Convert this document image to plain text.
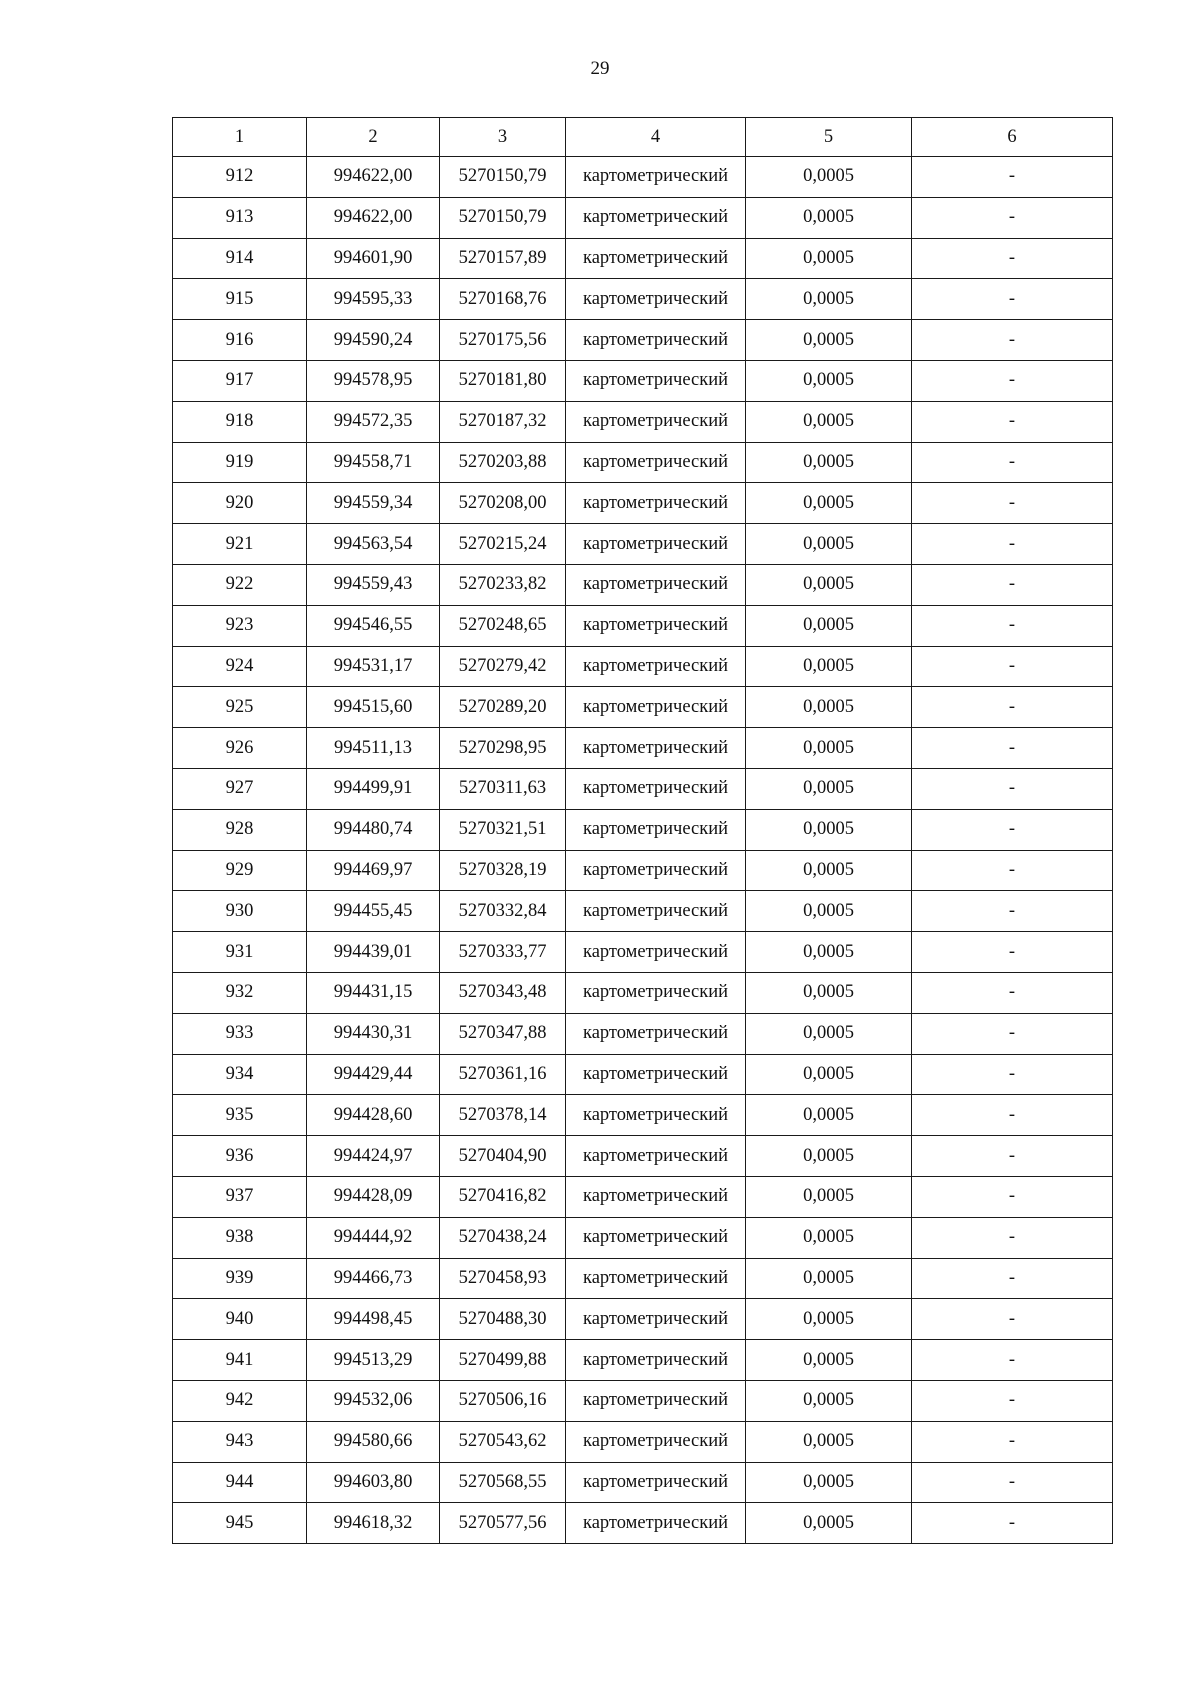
29
1	2	3	4	5	6
912	994622,00	5270150,79	картометрический	0,0005	-
913	994622,00	5270150,79	картометрический	0,0005	-
914	994601,90	5270157,89	картометрический	0,0005	-
915	994595,33	5270168,76	картометрический	0,0005	-
916	994590,24	5270175,56	картометрический	0,0005	-
917	994578,95	5270181,80	картометрический	0,0005	-
918	994572,35	5270187,32	картометрический	0,0005	-
919	994558,71	5270203,88	картометрический	0,0005	-
920	994559,34	5270208,00	картометрический	0,0005	-
921	994563,54	5270215,24	картометрический	0,0005	-
922	994559,43	5270233,82	картометрический	0,0005	-
923	994546,55	5270248,65	картометрический	0,0005	-
924	994531,17	5270279,42	картометрический	0,0005	-
925	994515,60	5270289,20	картометрический	0,0005	-
926	994511,13	5270298,95	картометрический	0,0005	-
927	994499,91	5270311,63	картометрический	0,0005	-
928	994480,74	5270321,51	картометрический	0,0005	-
929	994469,97	5270328,19	картометрический	0,0005	-
930	994455,45	5270332,84	картометрический	0,0005	-
931	994439,01	5270333,77	картометрический	0,0005	-
932	994431,15	5270343,48	картометрический	0,0005	-
933	994430,31	5270347,88	картометрический	0,0005	-
934	994429,44	5270361,16	картометрический	0,0005	-
935	994428,60	5270378,14	картометрический	0,0005	-
936	994424,97	5270404,90	картометрический	0,0005	-
937	994428,09	5270416,82	картометрический	0,0005	-
938	994444,92	5270438,24	картометрический	0,0005	-
939	994466,73	5270458,93	картометрический	0,0005	-
940	994498,45	5270488,30	картометрический	0,0005	-
941	994513,29	5270499,88	картометрический	0,0005	-
942	994532,06	5270506,16	картометрический	0,0005	-
943	994580,66	5270543,62	картометрический	0,0005	-
944	994603,80	5270568,55	картометрический	0,0005	-
945	994618,32	5270577,56	картометрический	0,0005	-
